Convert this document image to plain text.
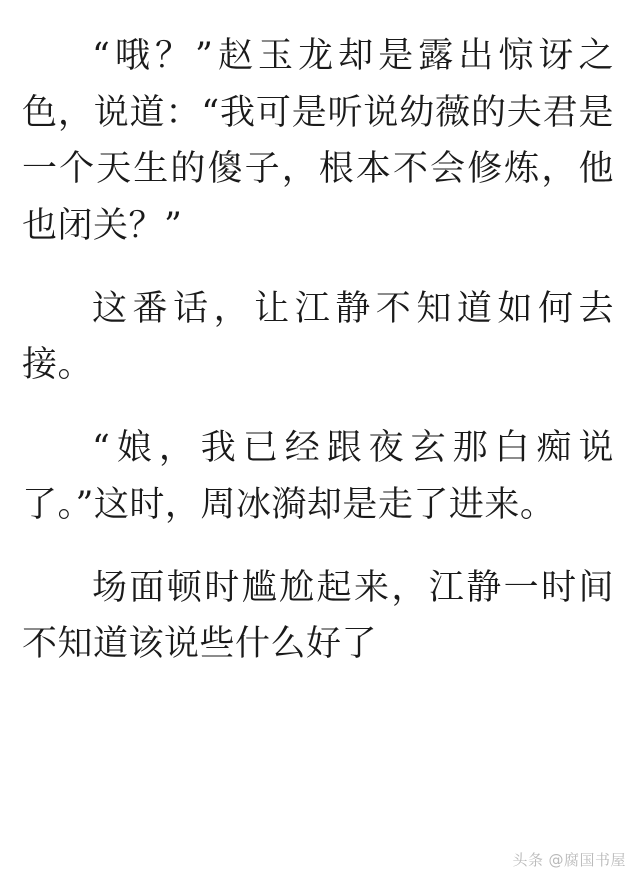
“哦？”赵玉龙却是露出惊讶之色，说道：“我可是听说幼薇的夫君是一个天生的傻子，根本不会修炼，他也闭关？”

这番话，让江静不知道如何去接。

“娘，我已经跟夜玄那白痴说了。”这时，周冰漪却是走了进来。

场面顿时尴尬起来，江静一时间不知道该说些什么好了

头条 @腐国书屋
